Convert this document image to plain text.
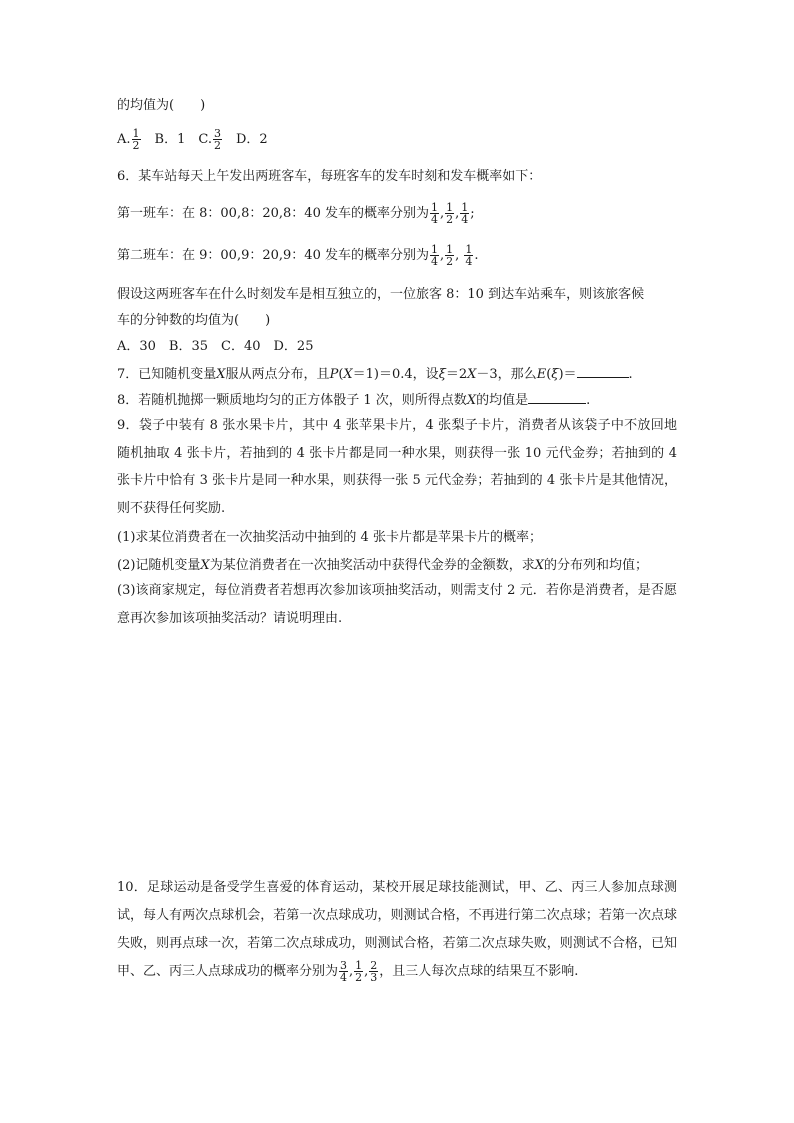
的均值为(　　)
A. $\frac{1}{2}$ 　B．1　C. $\frac{3}{2}$ 　D．2
6．某车站每天上午发出两班客车，每班客车的发车时刻和发车概率如下：
第一班车：在 8：00,8：20,8：40 发车的概率分别为 $\frac{1}{4}$ , $\frac{1}{2}$ , $\frac{1}{4}$ ;
第二班车：在 9：00,9：20,9：40 发车的概率分别为 $\frac{1}{4}$ , $\frac{1}{2}$ , $\frac{1}{4}$ .
假设这两班客车在什么时刻发车是相互独立的，一位旅客 8：10 到达车站乘车，则该旅客候
车的分钟数的均值为(　　)
A．30　B．35　C．40　D．25
7．已知随机变量X服从两点分布，且P(X＝1)＝0.4，设ξ＝2X－3，那么E(ξ)＝	.
8．若随机抛掷一颗质地均匀的正方体骰子 1 次，则所得点数X的均值是	.
9．袋子中装有 8 张水果卡片，其中 4 张苹果卡片，4 张梨子卡片，消费者从该袋子中不放回地随机抽取 4 张卡片，若抽到的 4 张卡片都是同一种水果，则获得一张 10 元代金券；若抽到的 4 张卡片中恰有 3 张卡片是同一种水果，则获得一张 5 元代金券；若抽到的 4 张卡片是其他情况，则不获得任何奖励.
(1)求某位消费者在一次抽奖活动中抽到的 4 张卡片都是苹果卡片的概率；
(2)记随机变量X为某位消费者在一次抽奖活动中获得代金券的金额数，求X的分布列和均值；
(3)该商家规定，每位消费者若想再次参加该项抽奖活动，则需支付 2 元．若你是消费者，是否愿意再次参加该项抽奖活动？请说明理由.
10．足球运动是备受学生喜爱的体育运动，某校开展足球技能测试，甲、乙、丙三人参加点球测试，每人有两次点球机会，若第一次点球成功，则测试合格，不再进行第二次点球；若第一次点球失败，则再点球一次，若第二次点球成功，则测试合格，若第二次点球失败，则测试不合格，已知甲、乙、丙三人点球成功的概率分别为 $\frac{3}{4}$ , $\frac{1}{2}$ , $\frac{2}{3}$ ，且三人每次点球的结果互不影响.
